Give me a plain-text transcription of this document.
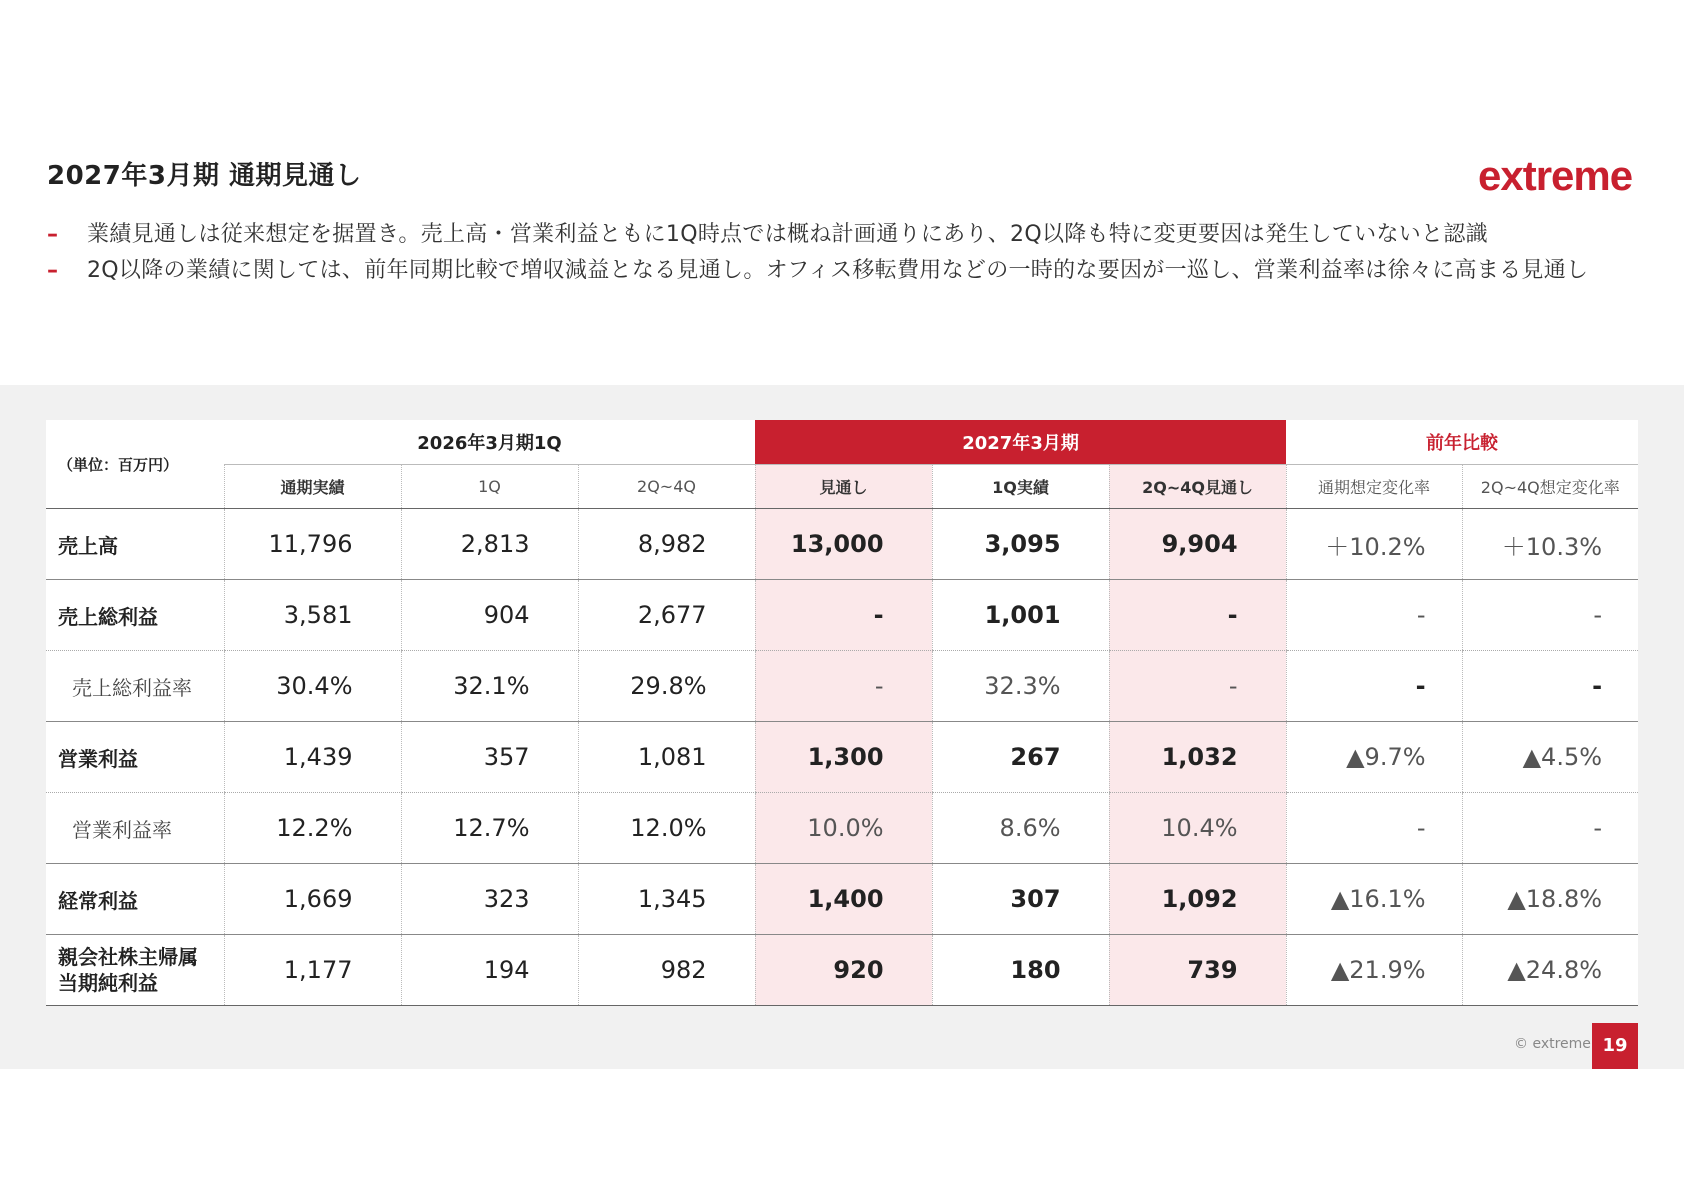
2027年3月期 通期見通し	extreme
– 業績見通しは従来想定を据置き。売上高・営業利益ともに1Q時点では概ね計画通りにあり、2Q以降も特に変更要因は発生していないと認識
– 2Q以降の業績に関しては、前年同期比較で増収減益となる見通し。オフィス移転費用などの一時的な要因が一巡し、営業利益率は徐々に高まる見通し
（単位：百万円）	2026年3月期1Q			2027年3月期			前年比較	
	通期実績	1Q	2Q~4Q	見通し	1Q実績	2Q~4Q見通し	通期想定変化率	2Q~4Q想定変化率
売上高	11,796	2,813	8,982	13,000	3,095	9,904	＋10.2%	＋10.3%
売上総利益	3,581	904	2,677	-	1,001	-	-	-
売上総利益率	30.4%	32.1%	29.8%	-	32.3%	-	-	-
営業利益	1,439	357	1,081	1,300	267	1,032	▲9.7%	▲4.5%
営業利益率	12.2%	12.7%	12.0%	10.0%	8.6%	10.4%	-	-
経常利益	1,669	323	1,345	1,400	307	1,092	▲16.1%	▲18.8%

親会社株主帰属
当期純利益	1,177	194	982	920	180	739	▲21.9%	▲24.8%
© extreme 19
